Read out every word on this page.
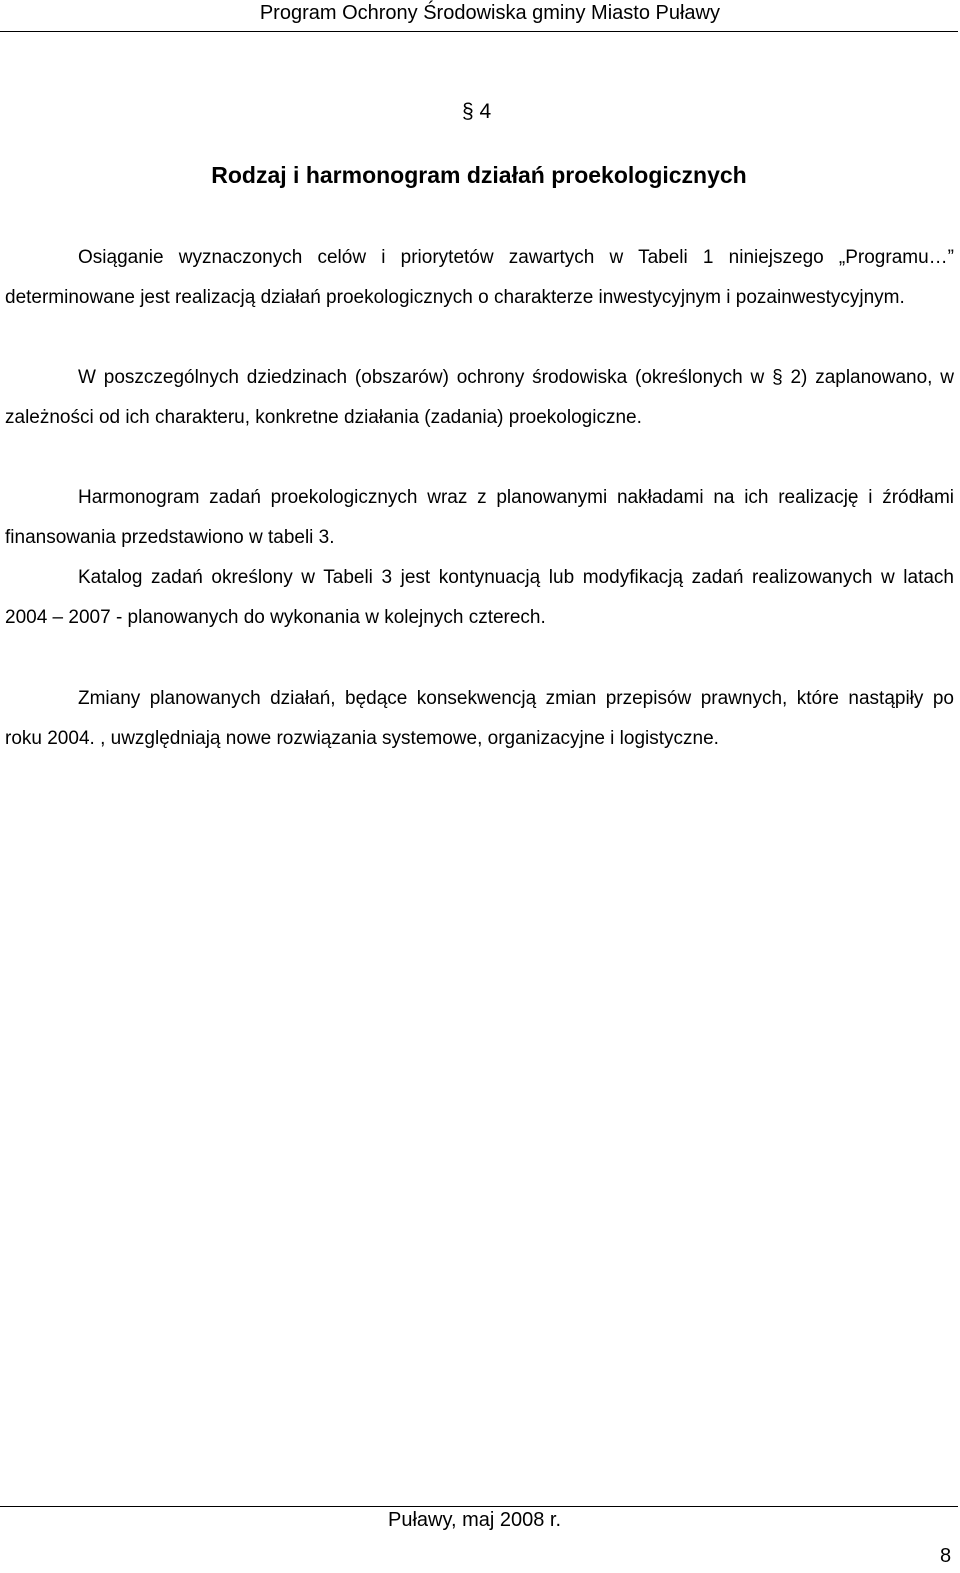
Program Ochrony Środowiska gminy Miasto Puławy
§ 4
Rodzaj i harmonogram działań proekologicznych
Osiąganie wyznaczonych celów i priorytetów zawartych w Tabeli 1 niniejszego „Programu…” determinowane jest realizacją działań proekologicznych o charakterze inwestycyjnym i pozainwestycyjnym.
W poszczególnych dziedzinach (obszarów) ochrony środowiska (określonych w § 2) zaplanowano, w zależności od ich charakteru, konkretne działania (zadania) proekologiczne.
Harmonogram zadań proekologicznych wraz z planowanymi nakładami na ich realizację i źródłami finansowania przedstawiono w tabeli 3.
Katalog zadań określony w Tabeli 3 jest kontynuacją lub modyfikacją zadań realizowanych w latach 2004 – 2007 - planowanych do wykonania w kolejnych czterech.
Zmiany planowanych działań, będące konsekwencją zmian przepisów prawnych, które nastąpiły po roku 2004. , uwzględniają nowe rozwiązania systemowe, organizacyjne i logistyczne.
Puławy, maj 2008 r.
8
